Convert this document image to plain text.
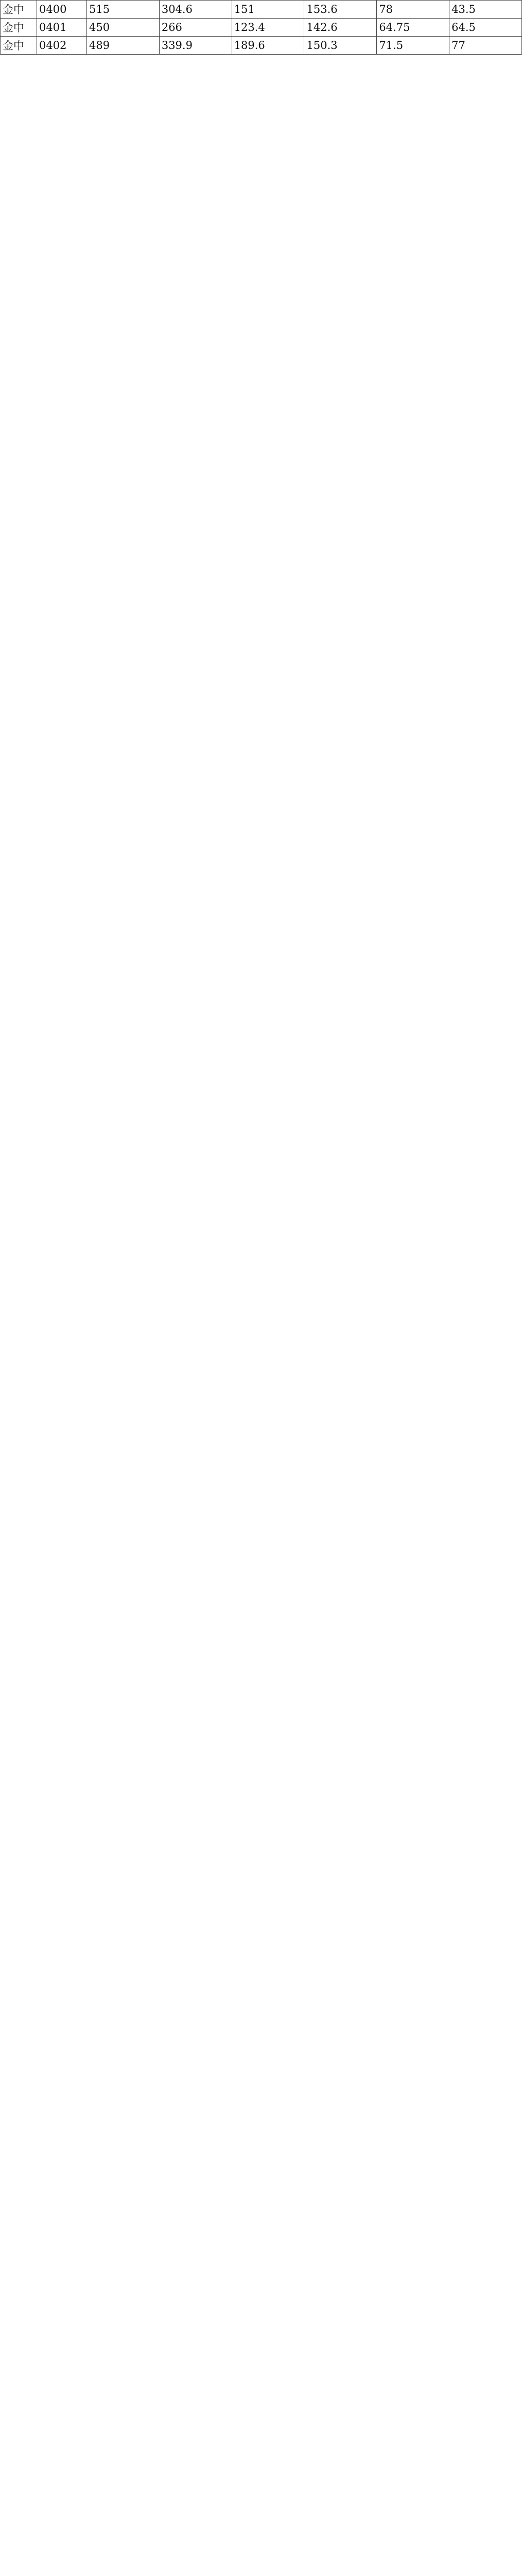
金中	0400	515	304.6	151	153.6	78	43.5
金中	0401	450	266	123.4	142.6	64.75	64.5
金中	0402	489	339.9	189.6	150.3	71.5	77
